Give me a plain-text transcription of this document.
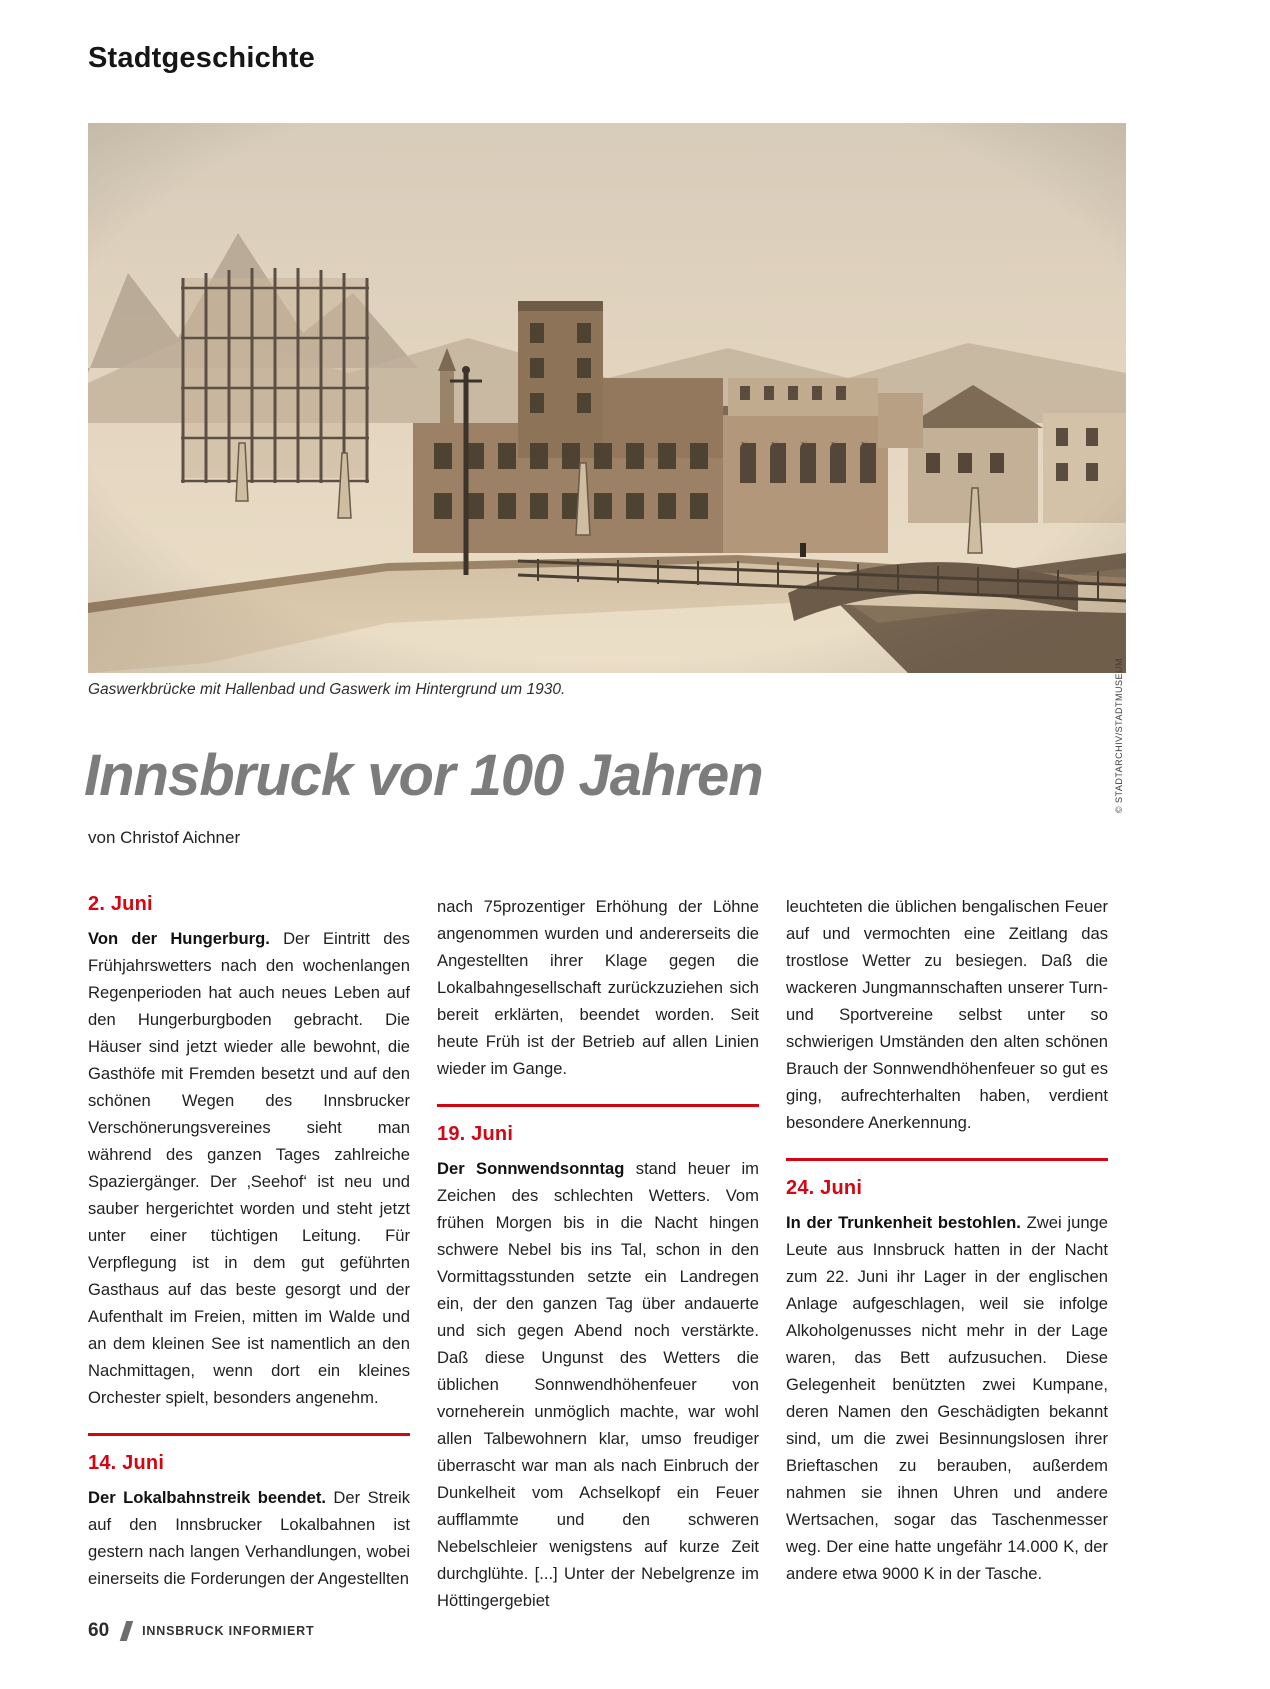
Stadtgeschichte
© STADTARCHIV/STADTMUSEUM
Gaswerkbrücke mit Hallenbad und Gaswerk im Hintergrund um 1930.
Innsbruck vor 100 Jahren
von Christof Aichner
2. Juni

Von der Hungerburg. Der Eintritt des Frühjahrswetters nach den wochenlangen Regenperioden hat auch neues Leben auf den Hungerburgboden gebracht. Die Häuser sind jetzt wieder alle bewohnt, die Gasthöfe mit Fremden besetzt und auf den schönen Wegen des Innsbrucker Verschönerungsvereines sieht man während des ganzen Tages zahlreiche Spaziergänger. Der ‚Seehof‘ ist neu und sauber hergerichtet worden und steht jetzt unter einer tüchtigen Leitung. Für Verpflegung ist in dem gut geführten Gasthaus auf das beste gesorgt und der Aufenthalt im Freien, mitten im Walde und an dem kleinen See ist namentlich an den Nachmittagen, wenn dort ein kleines Orchester spielt, besonders angenehm.

14. Juni

Der Lokalbahnstreik beendet. Der Streik auf den Innsbrucker Lokalbahnen ist gestern nach langen Verhandlungen, wobei einerseits die Forderungen der Angestellten

nach 75prozentiger Erhöhung der Löhne angenommen wurden und andererseits die Angestellten ihrer Klage gegen die Lokalbahngesellschaft zurückzuziehen sich bereit erklärten, beendet worden. Seit heute Früh ist der Betrieb auf allen Linien wieder im Gange.

19. Juni

Der Sonnwendsonntag stand heuer im Zeichen des schlechten Wetters. Vom frühen Morgen bis in die Nacht hingen schwere Nebel bis ins Tal, schon in den Vormittagsstunden setzte ein Landregen ein, der den ganzen Tag über andauerte und sich gegen Abend noch verstärkte. Daß diese Ungunst des Wetters die üblichen Sonnwendhöhenfeuer von vorneherein unmöglich machte, war wohl allen Talbewohnern klar, umso freudiger überrascht war man als nach Einbruch der Dunkelheit vom Achselkopf ein Feuer aufflammte und den schweren Nebelschleier wenigstens auf kurze Zeit durchglühte. [...] Unter der Nebelgrenze im Höttingergebiet

leuchteten die üblichen bengalischen Feuer auf und vermochten eine Zeitlang das trostlose Wetter zu besiegen. Daß die wackeren Jungmannschaften unserer Turn- und Sportvereine selbst unter so schwierigen Umständen den alten schönen Brauch der Sonnwendhöhenfeuer so gut es ging, aufrechterhalten haben, verdient besondere Anerkennung.

24. Juni

In der Trunkenheit bestohlen. Zwei junge Leute aus Innsbruck hatten in der Nacht zum 22. Juni ihr Lager in der englischen Anlage aufgeschlagen, weil sie infolge Alkoholgenusses nicht mehr in der Lage waren, das Bett aufzusuchen. Diese Gelegenheit benützten zwei Kumpane, deren Namen den Geschädigten bekannt sind, um die zwei Besinnungslosen ihrer Brieftaschen zu berauben, außerdem nahmen sie ihnen Uhren und andere Wertsachen, sogar das Taschenmesser weg. Der eine hatte ungefähr 14.000 K, der andere etwa 9000 K in der Tasche.

60	INNSBRUCK INFORMIERT
